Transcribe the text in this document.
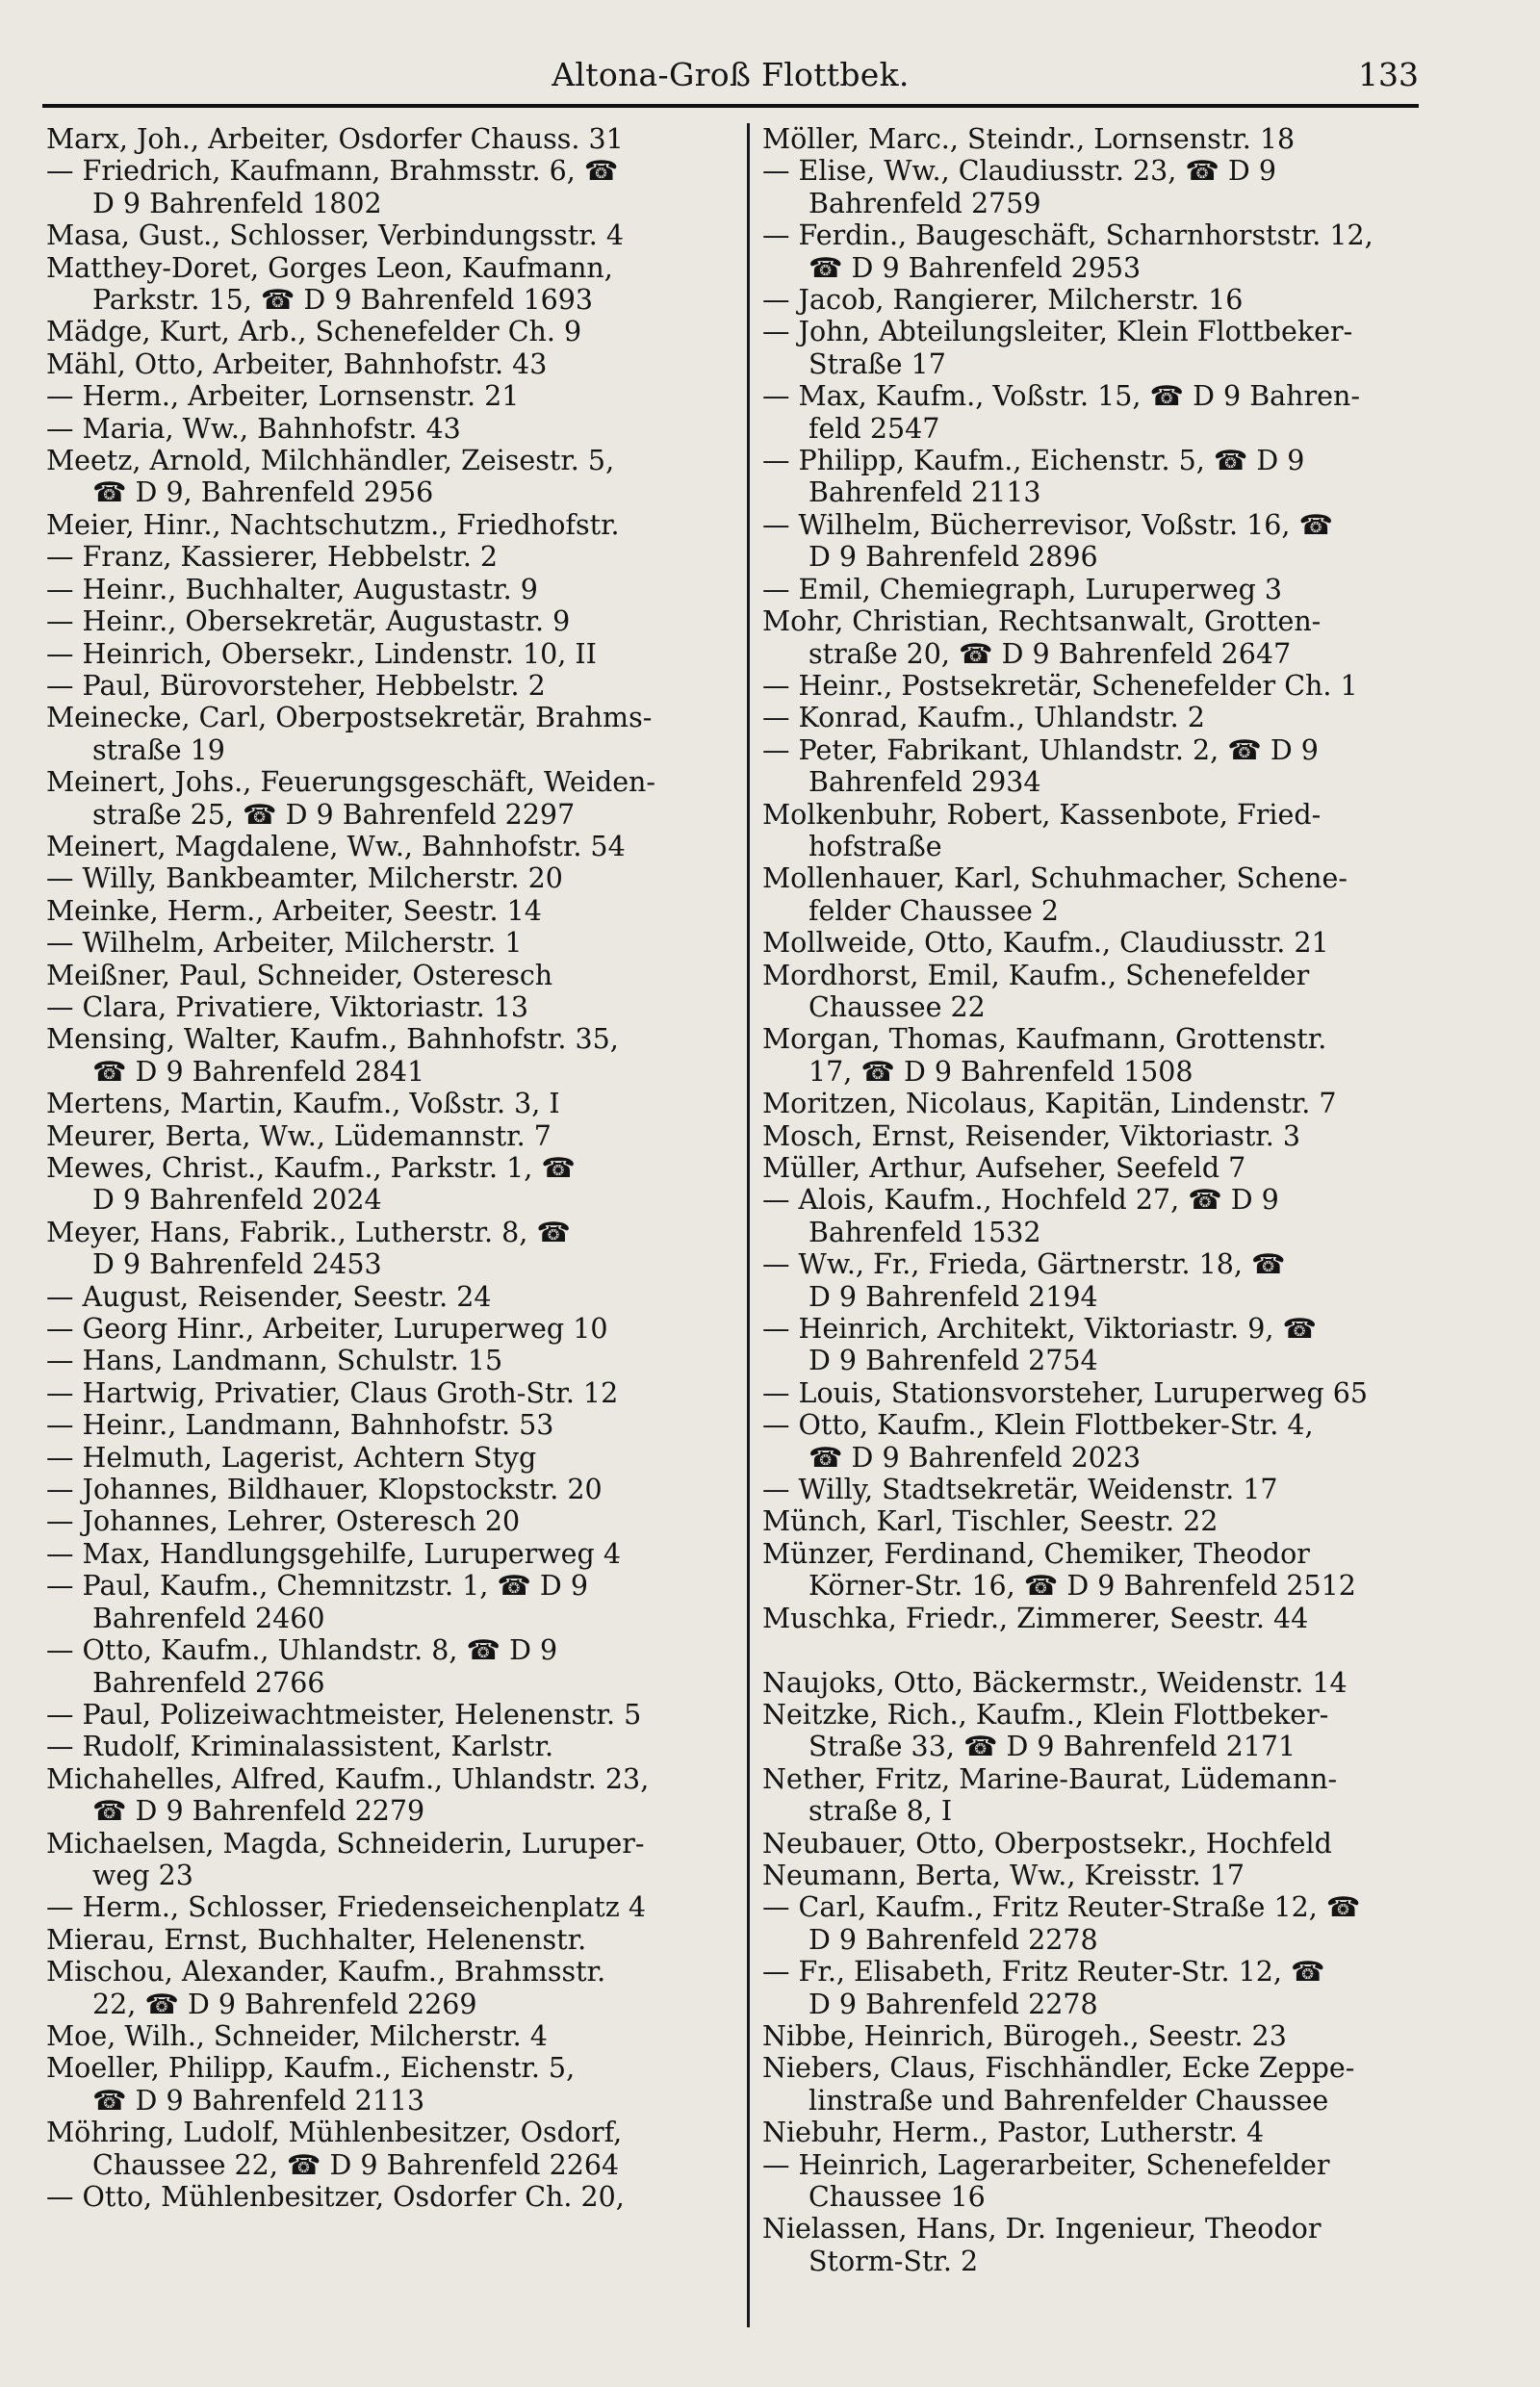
Altona-Groß Flottbek.	133
Marx, Joh., Arbeiter, Osdorfer Chauss. 31
— Friedrich, Kaufmann, Brahmsstr. 6, ☎
D 9 Bahrenfeld 1802
Masa, Gust., Schlosser, Verbindungsstr. 4
Matthey-Doret, Gorges Leon, Kaufmann,
Parkstr. 15, ☎ D 9 Bahrenfeld 1693
Mädge, Kurt, Arb., Schenefelder Ch. 9
Mähl, Otto, Arbeiter, Bahnhofstr. 43
— Herm., Arbeiter, Lornsenstr. 21
— Maria, Ww., Bahnhofstr. 43
Meetz, Arnold, Milchhändler, Zeisestr. 5,
☎ D 9, Bahrenfeld 2956
Meier, Hinr., Nachtschutzm., Friedhofstr.
— Franz, Kassierer, Hebbelstr. 2
— Heinr., Buchhalter, Augustastr. 9
— Heinr., Obersekretär, Augustastr. 9
— Heinrich, Obersekr., Lindenstr. 10, II
— Paul, Bürovorsteher, Hebbelstr. 2
Meinecke, Carl, Oberpostsekretär, Brahms-
straße 19
Meinert, Johs., Feuerungsgeschäft, Weiden-
straße 25, ☎ D 9 Bahrenfeld 2297
Meinert, Magdalene, Ww., Bahnhofstr. 54
— Willy, Bankbeamter, Milcherstr. 20
Meinke, Herm., Arbeiter, Seestr. 14
— Wilhelm, Arbeiter, Milcherstr. 1
Meißner, Paul, Schneider, Osteresch
— Clara, Privatiere, Viktoriastr. 13
Mensing, Walter, Kaufm., Bahnhofstr. 35,
☎ D 9 Bahrenfeld 2841
Mertens, Martin, Kaufm., Voßstr. 3, I
Meurer, Berta, Ww., Lüdemannstr. 7
Mewes, Christ., Kaufm., Parkstr. 1, ☎
D 9 Bahrenfeld 2024
Meyer, Hans, Fabrik., Lutherstr. 8, ☎
D 9 Bahrenfeld 2453
— August, Reisender, Seestr. 24
— Georg Hinr., Arbeiter, Luruperweg 10
— Hans, Landmann, Schulstr. 15
— Hartwig, Privatier, Claus Groth-Str. 12
— Heinr., Landmann, Bahnhofstr. 53
— Helmuth, Lagerist, Achtern Styg
— Johannes, Bildhauer, Klopstockstr. 20
— Johannes, Lehrer, Osteresch 20
— Max, Handlungsgehilfe, Luruperweg 4
— Paul, Kaufm., Chemnitzstr. 1, ☎ D 9
Bahrenfeld 2460
— Otto, Kaufm., Uhlandstr. 8, ☎ D 9
Bahrenfeld 2766
— Paul, Polizeiwachtmeister, Helenenstr. 5
— Rudolf, Kriminalassistent, Karlstr.
Michahelles, Alfred, Kaufm., Uhlandstr. 23,
☎ D 9 Bahrenfeld 2279
Michaelsen, Magda, Schneiderin, Luruper-
weg 23
— Herm., Schlosser, Friedenseichenplatz 4
Mierau, Ernst, Buchhalter, Helenenstr.
Mischou, Alexander, Kaufm., Brahmsstr.
22, ☎ D 9 Bahrenfeld 2269
Moe, Wilh., Schneider, Milcherstr. 4
Moeller, Philipp, Kaufm., Eichenstr. 5,
☎ D 9 Bahrenfeld 2113
Möhring, Ludolf, Mühlenbesitzer, Osdorf,
Chaussee 22, ☎ D 9 Bahrenfeld 2264
— Otto, Mühlenbesitzer, Osdorfer Ch. 20,
Möller, Marc., Steindr., Lornsenstr. 18
— Elise, Ww., Claudiusstr. 23, ☎ D 9
Bahrenfeld 2759
— Ferdin., Baugeschäft, Scharnhorststr. 12,
☎ D 9 Bahrenfeld 2953
— Jacob, Rangierer, Milcherstr. 16
— John, Abteilungsleiter, Klein Flottbeker-
Straße 17
— Max, Kaufm., Voßstr. 15, ☎ D 9 Bahren-
feld 2547
— Philipp, Kaufm., Eichenstr. 5, ☎ D 9
Bahrenfeld 2113
— Wilhelm, Bücherrevisor, Voßstr. 16, ☎
D 9 Bahrenfeld 2896
— Emil, Chemiegraph, Luruperweg 3
Mohr, Christian, Rechtsanwalt, Grotten-
straße 20, ☎ D 9 Bahrenfeld 2647
— Heinr., Postsekretär, Schenefelder Ch. 1
— Konrad, Kaufm., Uhlandstr. 2
— Peter, Fabrikant, Uhlandstr. 2, ☎ D 9
Bahrenfeld 2934
Molkenbuhr, Robert, Kassenbote, Fried-
hofstraße
Mollenhauer, Karl, Schuhmacher, Schene-
felder Chaussee 2
Mollweide, Otto, Kaufm., Claudiusstr. 21
Mordhorst, Emil, Kaufm., Schenefelder
Chaussee 22
Morgan, Thomas, Kaufmann, Grottenstr.
17, ☎ D 9 Bahrenfeld 1508
Moritzen, Nicolaus, Kapitän, Lindenstr. 7
Mosch, Ernst, Reisender, Viktoriastr. 3
Müller, Arthur, Aufseher, Seefeld 7
— Alois, Kaufm., Hochfeld 27, ☎ D 9
Bahrenfeld 1532
— Ww., Fr., Frieda, Gärtnerstr. 18, ☎
D 9 Bahrenfeld 2194
— Heinrich, Architekt, Viktoriastr. 9, ☎
D 9 Bahrenfeld 2754
— Louis, Stationsvorsteher, Luruperweg 65
— Otto, Kaufm., Klein Flottbeker-Str. 4,
☎ D 9 Bahrenfeld 2023
— Willy, Stadtsekretär, Weidenstr. 17
Münch, Karl, Tischler, Seestr. 22
Münzer, Ferdinand, Chemiker, Theodor
Körner-Str. 16, ☎ D 9 Bahrenfeld 2512
Muschka, Friedr., Zimmerer, Seestr. 44

Naujoks, Otto, Bäckermstr., Weidenstr. 14
Neitzke, Rich., Kaufm., Klein Flottbeker-
Straße 33, ☎ D 9 Bahrenfeld 2171
Nether, Fritz, Marine-Baurat, Lüdemann-
straße 8, I
Neubauer, Otto, Oberpostsekr., Hochfeld
Neumann, Berta, Ww., Kreisstr. 17
— Carl, Kaufm., Fritz Reuter-Straße 12, ☎
D 9 Bahrenfeld 2278
— Fr., Elisabeth, Fritz Reuter-Str. 12, ☎
D 9 Bahrenfeld 2278
Nibbe, Heinrich, Bürogeh., Seestr. 23
Niebers, Claus, Fischhändler, Ecke Zeppe-
linstraße und Bahrenfelder Chaussee
Niebuhr, Herm., Pastor, Lutherstr. 4
— Heinrich, Lagerarbeiter, Schenefelder
Chaussee 16
Nielassen, Hans, Dr. Ingenieur, Theodor
Storm-Str. 2
